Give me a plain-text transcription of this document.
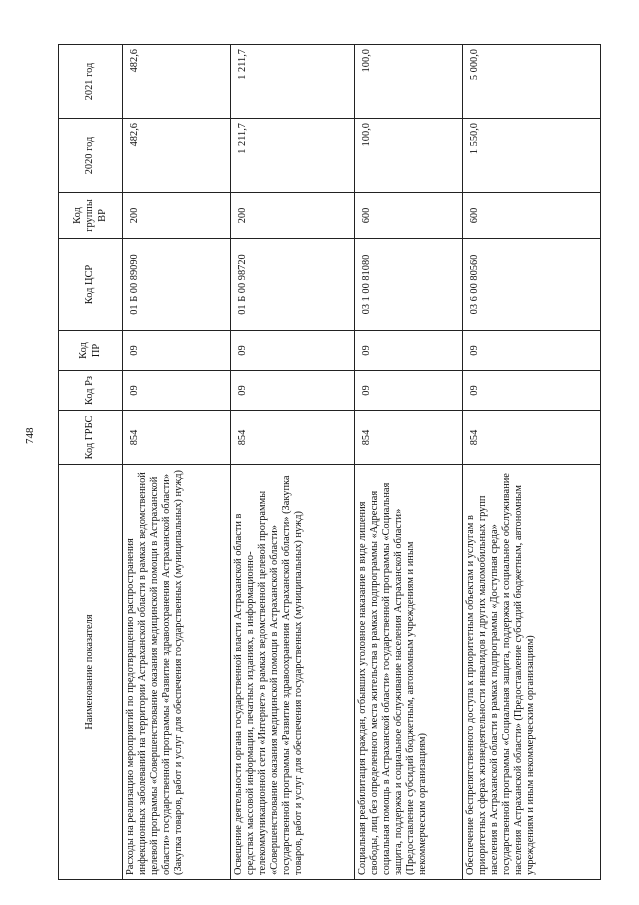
748
Наименование показателя	Код ГРБС	Код Рз	Код ПР	Код ЦСР	Код группы ВР	2020 год	2021 год
Расходы на реализацию мероприятий по предотвращению распространения инфекционных заболеваний на территории Астраханской области в рамках ведомственной целевой программы «Совершенствование оказания медицинской помощи в Астраханской области» государственной программы «Развитие здравоохранения Астраханской области» (Закупка товаров, работ и услуг для обеспечения государственных (муниципальных) нужд)	854	09	09	01 Б 00 89090	200	482,6	482,6
Освещение деятельности органа государственной власти Астраханской области в средствах массовой информации, печатных изданиях, в информационно-телекоммуникационной сети «Интернет» в рамках ведомственной целевой программы «Совершенствование оказания медицинской помощи в Астраханской области» государственной программы «Развитие здравоохранения Астраханской области» (Закупка товаров, работ и услуг для обеспечения государственных (муниципальных) нужд)	854	09	09	01 Б 00 98720	200	1 211,7	1 211,7
Социальная реабилитация граждан, отбывших уголовное наказание в виде лишения свободы, лиц без определенного места жительства в рамках подпрограммы «Адресная социальная помощь в Астраханской области» государственной программы «Социальная защита, поддержка и социальное обслуживание населения Астраханской области» (Предоставление субсидий бюджетным, автономным учреждениям и иным некоммерческим организациям)	854	09	09	03 1 00 81080	600	100,0	100,0
Обеспечение беспрепятственного доступа к приоритетным объектам и услугам в приоритетных сферах жизнедеятельности инвалидов и других маломобильных групп населения в Астраханской области в рамках подпрограммы «Доступная среда» государственной программы «Социальная защита, поддержка и социальное обслуживание населения Астраханской области» (Предоставление субсидий бюджетным, автономным учреждениям и иным некоммерческим организациям)	854	09	09	03 6 00 80560	600	1 550,0	5 000,0
